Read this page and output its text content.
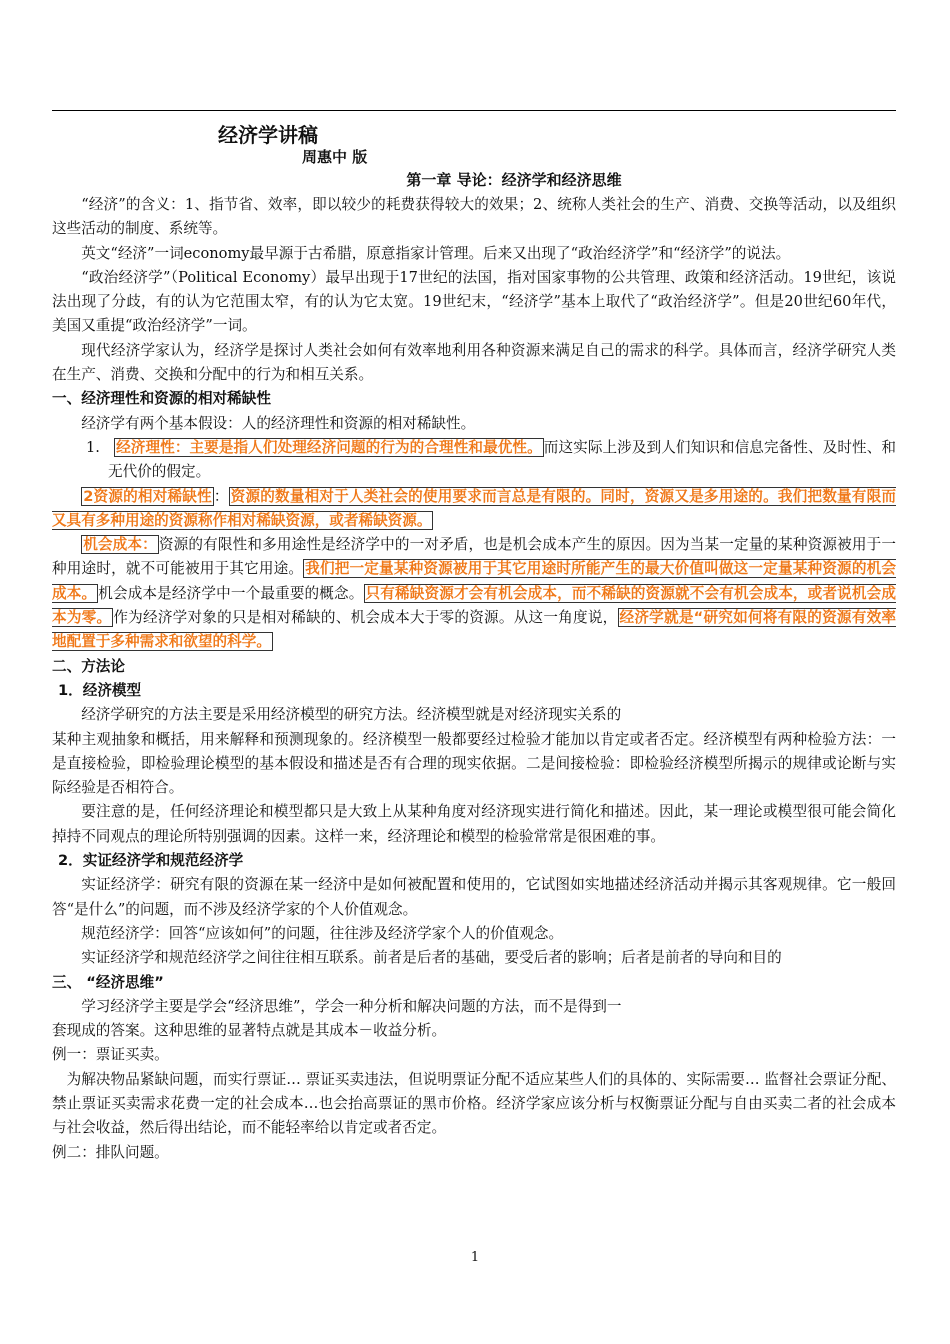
经济学讲稿
周惠中 版
第一章 导论：经济学和经济思维

“经济”的含义：1、指节省、效率，即以较少的耗费获得较大的效果；2、统称人类社会的生产、消费、交换等活动，以及组织这些活动的制度、系统等。

英文“经济”一词economy最早源于古希腊，原意指家计管理。后来又出现了“政治经济学”和“经济学”的说法。

“政治经济学”（Political Economy）最早出现于17世纪的法国，指对国家事物的公共管理、政策和经济活动。19世纪，该说法出现了分歧，有的认为它范围太窄，有的认为它太宽。19世纪末，“经济学”基本上取代了“政治经济学”。但是20世纪60年代，美国又重提“政治经济学”一词。

现代经济学家认为，经济学是探讨人类社会如何有效率地利用各种资源来满足自己的需求的科学。具体而言，经济学研究人类在生产、消费、交换和分配中的行为和相互关系。

一、经济理性和资源的相对稀缺性

经济学有两个基本假设：人的经济理性和资源的相对稀缺性。

1. 经济理性：主要是指人们处理经济问题的行为的合理性和最优性。 而这实际上涉及到人们知识和信息完备性、及时性、和无代价的假定。

2资源的相对稀缺性 ： 资源的数量相对于人类社会的使用要求而言总是有限的。同时，资源又是多用途的。我们把数量有限而又具有多种用途的资源称作相对稀缺资源，或者稀缺资源。

机会成本： 资源的有限性和多用途性是经济学中的一对矛盾，也是机会成本产生的原因。因为当某一定量的某种资源被用于一种用途时，就不可能被用于其它用途。 我们把一定量某种资源被用于其它用途时所能产生的最大价值叫做这一定量某种资源的机会成本。 机会成本是经济学中一个最重要的概念。 只有稀缺资源才会有机会成本，而不稀缺的资源就不会有机会成本，或者说机会成本为零。 作为经济学对象的只是相对稀缺的、机会成本大于零的资源。从这一角度说， 经济学就是“研究如何将有限的资源有效率地配置于多种需求和欲望的科学。

二、方法论

1．经济模型

经济学研究的方法主要是采用经济模型的研究方法。经济模型就是对经济现实关系的

某种主观抽象和概括，用来解释和预测现象的。经济模型一般都要经过检验才能加以肯定或者否定。经济模型有两种检验方法：一是直接检验，即检验理论模型的基本假设和描述是否有合理的现实依据。二是间接检验：即检验经济模型所揭示的规律或论断与实际经验是否相符合。

要注意的是，任何经济理论和模型都只是大致上从某种角度对经济现实进行简化和描述。因此，某一理论或模型很可能会简化掉持不同观点的理论所特别强调的因素。这样一来，经济理论和模型的检验常常是很困难的事。

2．实证经济学和规范经济学

实证经济学：研究有限的资源在某一经济中是如何被配置和使用的，它试图如实地描述经济活动并揭示其客观规律。它一般回答“是什么”的问题，而不涉及经济学家的个人价值观念。

规范经济学：回答“应该如何”的问题，往往涉及经济学家个人的价值观念。

实证经济学和规范经济学之间往往相互联系。前者是后者的基础，要受后者的影响；后者是前者的导向和目的

三、 “经济思维”

学习经济学主要是学会“经济思维”，学会一种分析和解决问题的方法，而不是得到一

套现成的答案。这种思维的显著特点就是其成本－收益分析。

例一：票证买卖。

为解决物品紧缺问题，而实行票证… 票证买卖违法，但说明票证分配不适应某些人们的具体的、实际需要… 监督社会票证分配、禁止票证买卖需求花费一定的社会成本…也会抬高票证的黑市价格。经济学家应该分析与权衡票证分配与自由买卖二者的社会成本与社会收益，然后得出结论，而不能轻率给以肯定或者否定。

例二：排队问题。

1
